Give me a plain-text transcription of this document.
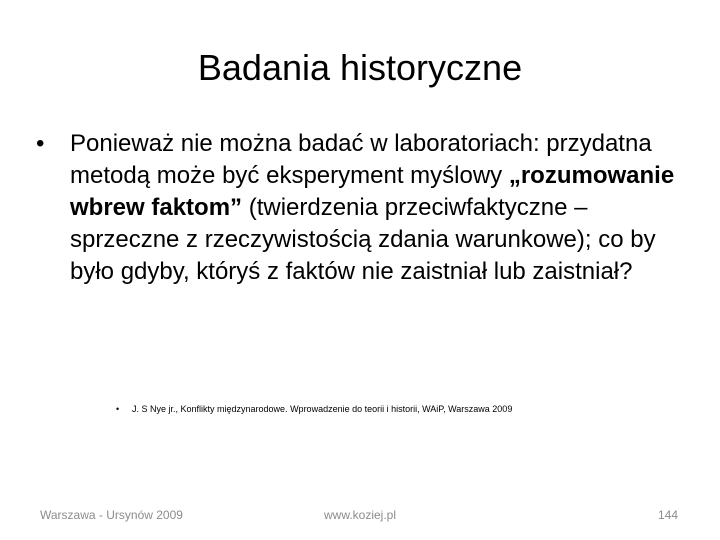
Badania historyczne

•	Ponieważ nie można badać w laboratoriach: przydatna metodą może być eksperyment myślowy „rozumowanie wbrew faktom” (twierdzenia przeciwfaktyczne – sprzeczne z rzeczywistością zdania warunkowe); co by było gdyby, któryś z faktów nie zaistniał lub zaistniał?

• J. S Nye jr., Konflikty międzynarodowe. Wprowadzenie do teorii i historii, WAiP, Warszawa 2009
Warszawa - Ursynów 2009	www.koziej.pl	144
